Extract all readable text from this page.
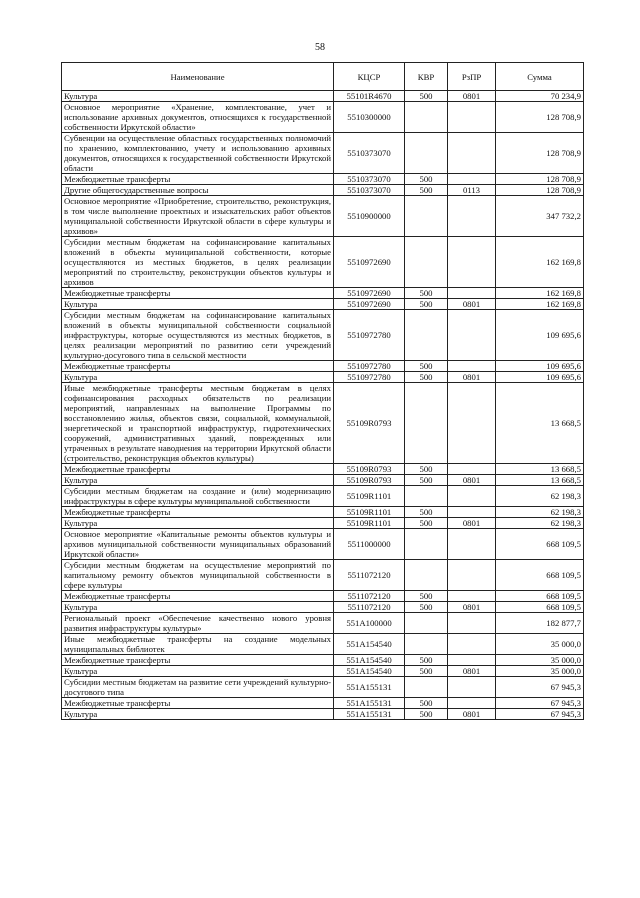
58
Наименование	КЦСР	КВР	РзПР	Сумма
Культура	55101R4670	500	0801	70 234,9
Основное мероприятие «Хранение, комплектование, учет и использование архивных документов, относящихся к государственной собственности Иркутской области»	5510300000			128 708,9
Субвенции на осуществление областных государственных полномочий по хранению, комплектованию, учету и использованию архивных документов, относящихся к государственной собственности Иркутской области	5510373070			128 708,9
Межбюджетные трансферты	5510373070	500		128 708,9
Другие общегосударственные вопросы	5510373070	500	0113	128 708,9
Основное мероприятие «Приобретение, строительство, реконструкция, в том числе выполнение проектных и изыскательских работ объектов муниципальной собственности Иркутской области в сфере культуры и архивов»	5510900000			347 732,2
Субсидии местным бюджетам на софинансирование капитальных вложений в объекты муниципальной собственности, которые осуществляются из местных бюджетов, в целях реализации мероприятий по строительству, реконструкции объектов культуры и архивов	5510972690			162 169,8
Межбюджетные трансферты	5510972690	500		162 169,8
Культура	5510972690	500	0801	162 169,8
Субсидии местным бюджетам на софинансирование капитальных вложений в объекты муниципальной собственности социальной инфраструктуры, которые осуществляются из местных бюджетов, в целях реализации мероприятий по развитию сети учреждений культурно-досугового типа в сельской местности	5510972780			109 695,6
Межбюджетные трансферты	5510972780	500		109 695,6
Культура	5510972780	500	0801	109 695,6
Иные межбюджетные трансферты местным бюджетам в целях софинансирования расходных обязательств по реализации мероприятий, направленных на выполнение Программы по восстановлению жилья, объектов связи, социальной, коммунальной, энергетической и транспортной инфраструктур, гидротехнических сооружений, административных зданий, поврежденных или утраченных в результате наводнения на территории Иркутской области (строительство, реконструкция объектов культуры)	55109R0793			13 668,5
Межбюджетные трансферты	55109R0793	500		13 668,5
Культура	55109R0793	500	0801	13 668,5
Субсидии местным бюджетам на создание и (или) модернизацию инфраструктуры в сфере культуры муниципальной собственности	55109R1101			62 198,3
Межбюджетные трансферты	55109R1101	500		62 198,3
Культура	55109R1101	500	0801	62 198,3
Основное мероприятие «Капитальные ремонты объектов культуры и архивов муниципальной собственности муниципальных образований Иркутской области»	5511000000			668 109,5
Субсидии местным бюджетам на осуществление мероприятий по капитальному ремонту объектов муниципальной собственности в сфере культуры	5511072120			668 109,5
Межбюджетные трансферты	5511072120	500		668 109,5
Культура	5511072120	500	0801	668 109,5
Региональный проект «Обеспечение качественно нового уровня развития инфраструктуры культуры»	551A100000			182 877,7
Иные межбюджетные трансферты на создание модельных муниципальных библиотек	551A154540			35 000,0
Межбюджетные трансферты	551A154540	500		35 000,0
Культура	551A154540	500	0801	35 000,0
Субсидии местным бюджетам на развитие сети учреждений культурно-досугового типа	551A155131			67 945,3
Межбюджетные трансферты	551A155131	500		67 945,3
Культура	551A155131	500	0801	67 945,3
